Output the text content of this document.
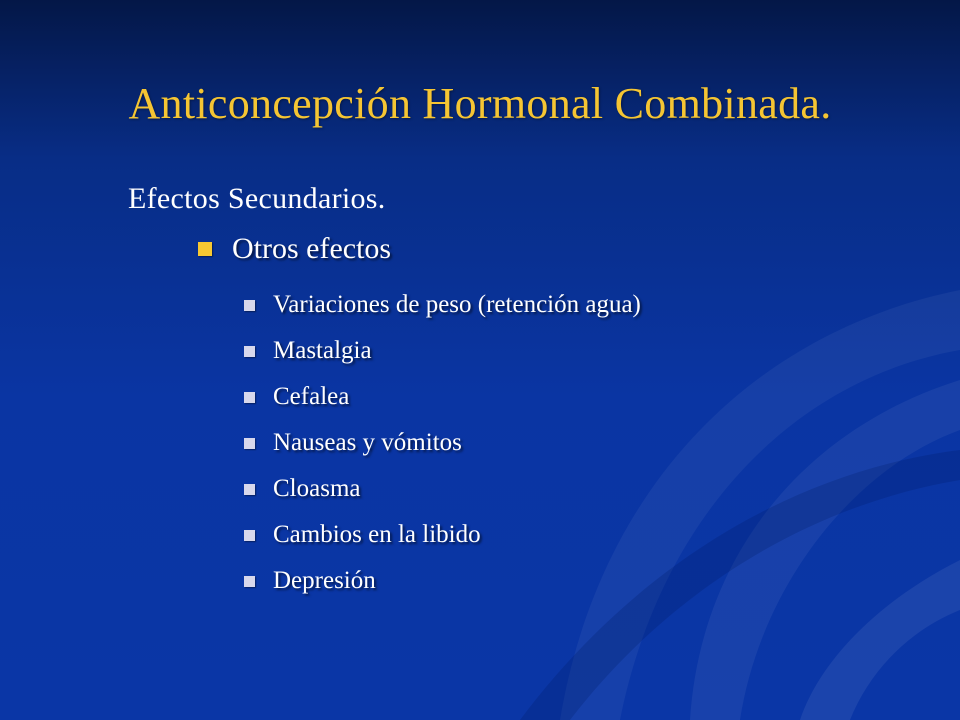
Anticoncepción Hormonal Combinada.
Efectos Secundarios.
Otros efectos
Variaciones de peso (retención agua)
Mastalgia
Cefalea
Nauseas y vómitos
Cloasma
Cambios en la libido
Depresión
